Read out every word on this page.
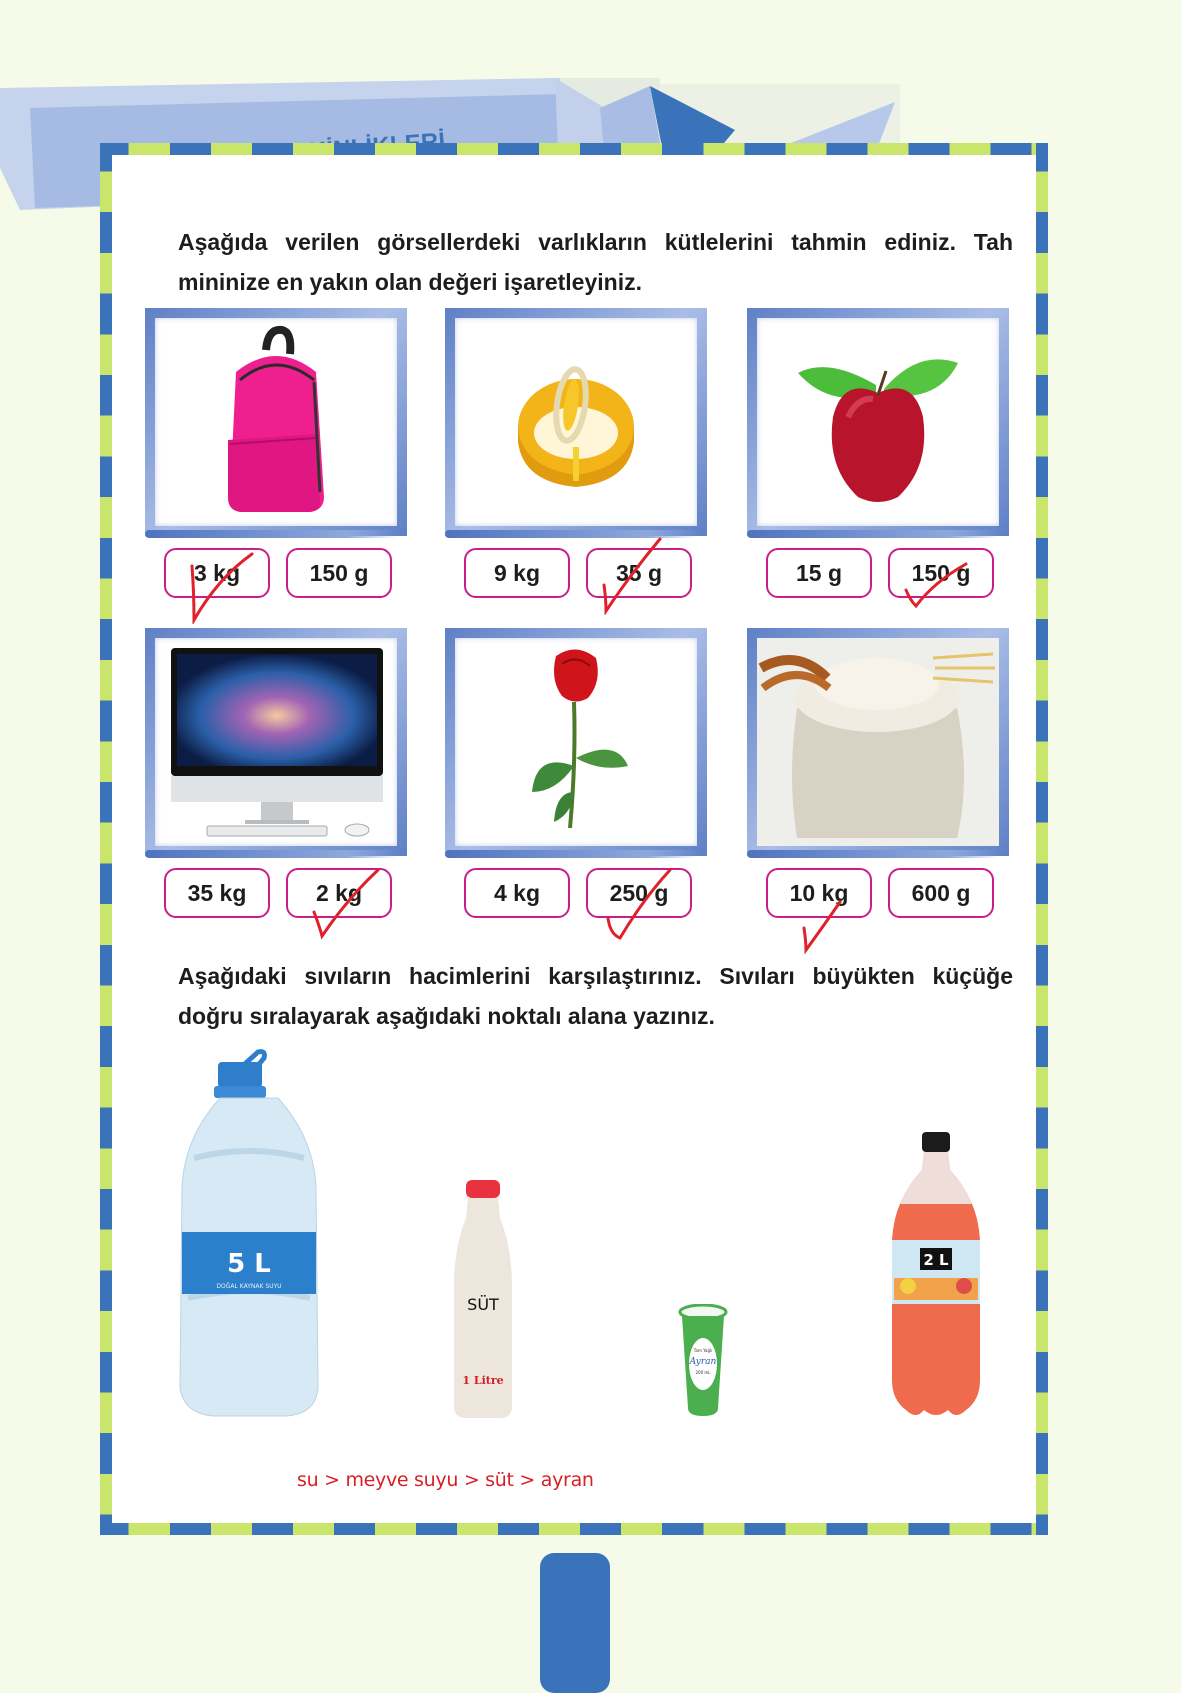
Aşağıda verilen görsellerdeki varlıkların kütlelerini tahmin ediniz. Tah mininize en yakın olan değeri işaretleyiniz.
3 kg	150 g	9 kg	35 g	15 g	150 g
35 kg	2 kg	4 kg	250 g	10 kg	600 g
Aşağıdaki sıvıların hacimlerini karşılaştırınız. Sıvıları büyükten küçüğe doğru sıralayarak aşağıdaki noktalı alana yazınız.
5 L
DOĞAL KAYNAK SUYU
SÜT
1 Litre
Tam Yağlı
Ayran
200 mL
2 L
su > meyve suyu > süt > ayran
